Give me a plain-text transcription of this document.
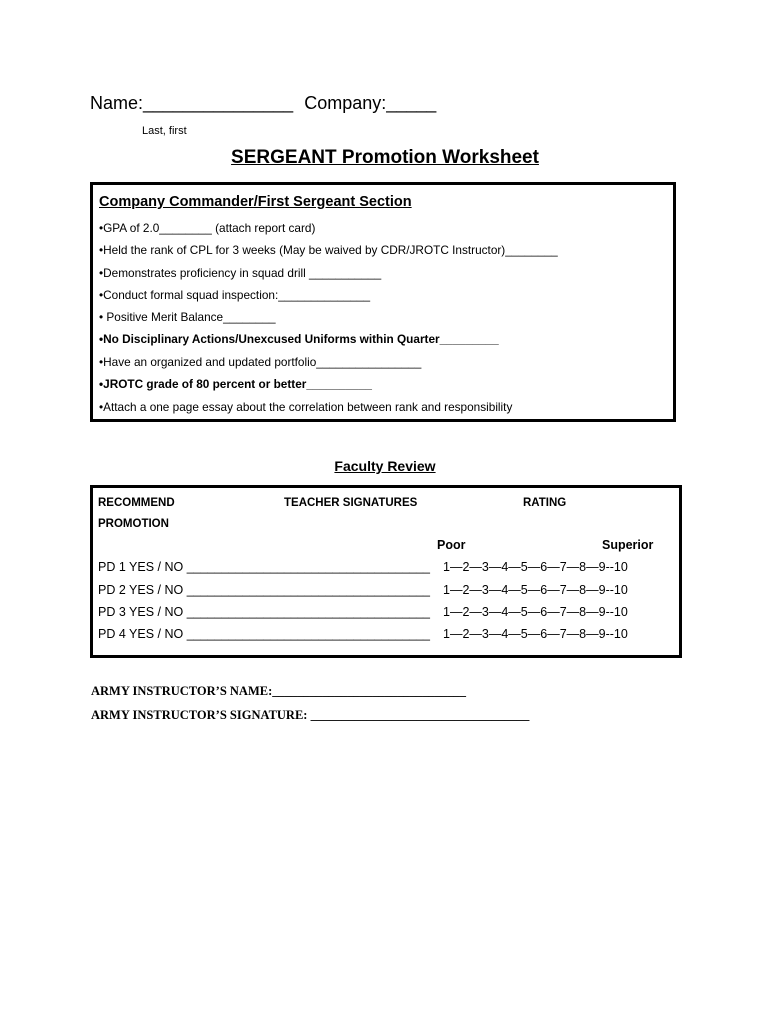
Name:_______________ Company:_____
Last, first
SERGEANT Promotion Worksheet
Company Commander/First Sergeant Section
•GPA of 2.0________ (attach report card)
•Held the rank of CPL for 3 weeks (May be waived by CDR/JROTC Instructor)________
•Demonstrates proficiency in squad drill ___________
•Conduct formal squad inspection:______________
• Positive Merit Balance________
•No Disciplinary Actions/Unexcused Uniforms within Quarter_________
•Have an organized and updated portfolio________________
•JROTC grade of 80 percent or better__________
•Attach a one page essay about the correlation between rank and responsibility
Faculty Review
RECOMMEND
PROMOTION
TEACHER SIGNATURES	RATING
Poor	Superior
PD 1 YES / NO ___________________________________ 1—2—3—4—5—6—7—8—9--10
PD 2 YES / NO ___________________________________ 1—2—3—4—5—6—7—8—9--10
PD 3 YES / NO ___________________________________ 1—2—3—4—5—6—7—8—9--10
PD 4 YES / NO ___________________________________ 1—2—3—4—5—6—7—8—9--10
ARMY INSTRUCTOR’S NAME:_______________________________
ARMY INSTRUCTOR’S SIGNATURE: ___________________________________
